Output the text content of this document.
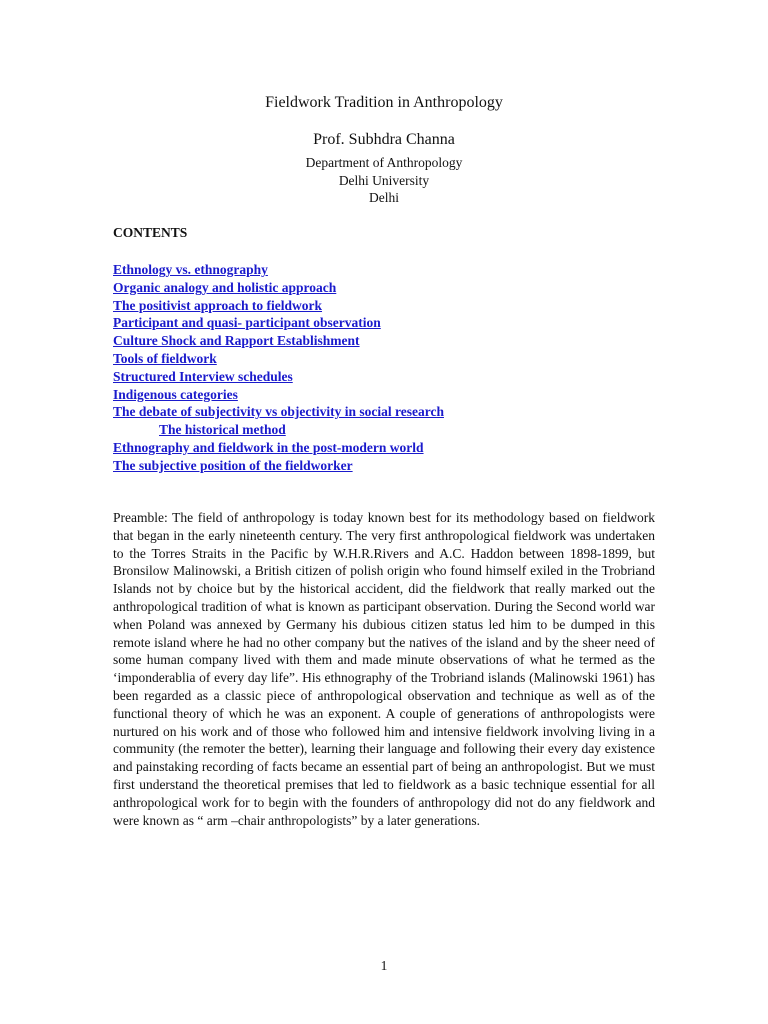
Fieldwork Tradition in Anthropology
Prof. Subhdra Channa
Department of Anthropology
Delhi University
Delhi
CONTENTS
Ethnology vs. ethnography
Organic analogy and holistic approach
The positivist approach to fieldwork
Participant and quasi- participant observation
Culture Shock and Rapport Establishment
Tools of fieldwork
Structured Interview schedules
Indigenous categories
The debate of subjectivity vs objectivity in social research
The historical method
Ethnography and fieldwork in the post-modern world
The subjective position of the fieldworker

Preamble: The field of anthropology is today known best for its methodology based on fieldwork that began in the early nineteenth century. The very first anthropological fieldwork was undertaken to the Torres Straits in the Pacific by W.H.R.Rivers and A.C. Haddon between 1898-1899, but Bronsilow Malinowski, a British citizen of polish origin who found himself exiled in the Trobriand Islands not by choice but by the historical accident, did the fieldwork that really marked out the anthropological tradition of what is known as participant observation. During the Second world war when Poland was annexed by Germany his dubious citizen status led him to be dumped in this remote island where he had no other company but the natives of the island and by the sheer need of some human company lived with them and made minute observations of what he termed as the ‘imponderablia of every day life”. His ethnography of the Trobriand islands (Malinowski 1961) has been regarded as a classic piece of anthropological observation and technique as well as of the functional theory of which he was an exponent. A couple of generations of anthropologists were nurtured on his work and of those who followed him and intensive fieldwork involving living in a community (the remoter the better), learning their language and following their every day existence and painstaking recording of facts became an essential part of being an anthropologist. But we must first understand the theoretical premises that led to fieldwork as a basic technique essential for all anthropological work for to begin with the founders of anthropology did not do any fieldwork and were known as “ arm –chair anthropologists” by a later generations.

1
